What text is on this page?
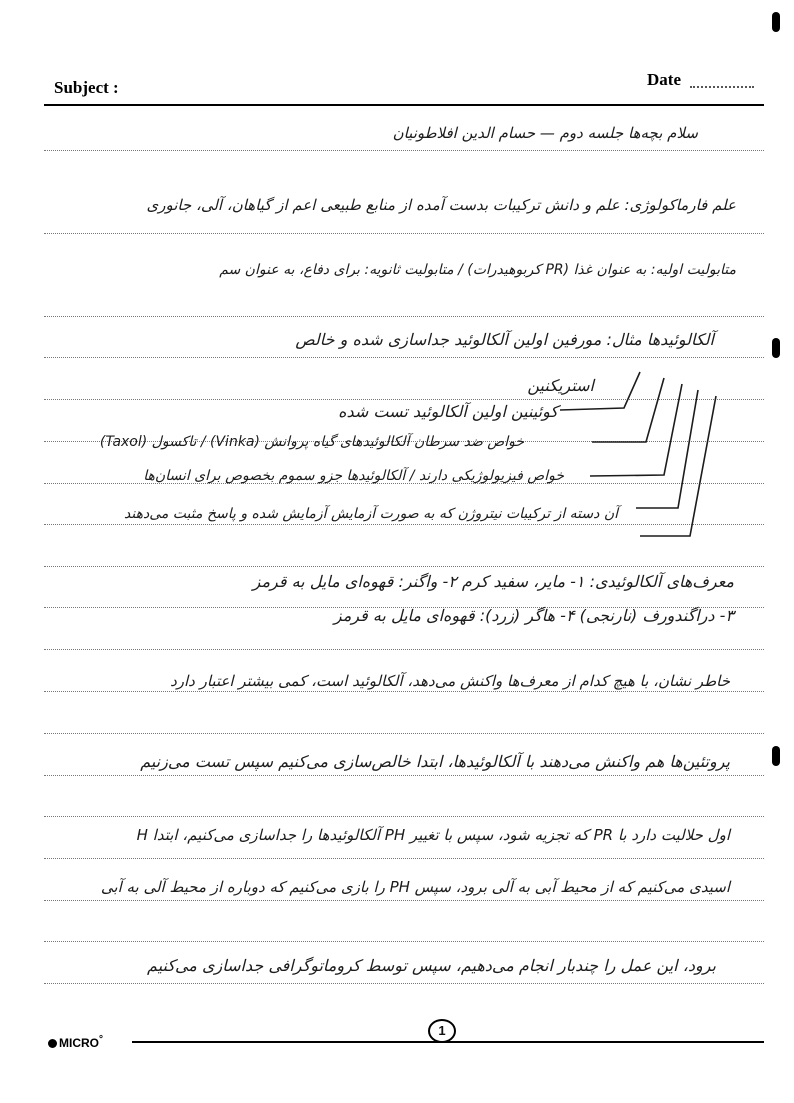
Subject :	Date
سلام بچه‌ها جلسه دوم — حسام الدین افلاطونیان
علم فارماکولوژی: علم و دانش ترکیبات بدست آمده از منابع طبیعی اعم از گیاهان، آلی، جانوری
متابولیت اولیه: به عنوان غذا (PR کربوهیدرات) / متابولیت ثانویه: برای دفاع، به عنوان سم
آلکالوئیدها مثال: مورفین اولین آلکالوئید جداسازی شده و خالص
استریکنین
کوئینین اولین آلکالوئید تست شده
خواص ضد سرطان آلکالوئیدهای گیاه پروانش (Vinka) / تاکسول (Taxol)
خواص فیزیولوژیکی دارند / آلکالوئیدها جزو سموم بخصوص برای انسان‌ها
آن دسته از ترکیبات نیتروژن که به صورت آزمایش آزمایش شده و پاسخ مثبت می‌دهند
معرف‌های آلکالوئیدی: ۱- مایر، سفید کرم ۲- واگنر: قهوه‌ای مایل به قرمز
۳- دراگندورف (نارنجی) ۴- هاگر (زرد): قهوه‌ای مایل به قرمز
خاطر نشان، با هیچ کدام از معرف‌ها واکنش می‌دهد، آلکالوئید است، کمی بیشتر اعتبار دارد
پروتئین‌ها هم واکنش می‌دهند با آلکالوئیدها، ابتدا خالص‌سازی می‌کنیم سپس تست می‌زنیم
اول حلالیت دارد با PR که تجزیه شود، سپس با تغییر PH آلکالوئیدها را جداسازی می‌کنیم، ابتدا H
اسیدی می‌کنیم که از محیط آبی به آلی برود، سپس PH را بازی می‌کنیم که دوباره از محیط آلی به آبی
برود، این عمل را چندبار انجام می‌دهیم، سپس توسط کروماتوگرافی جداسازی می‌کنیم
MICRO°
1
